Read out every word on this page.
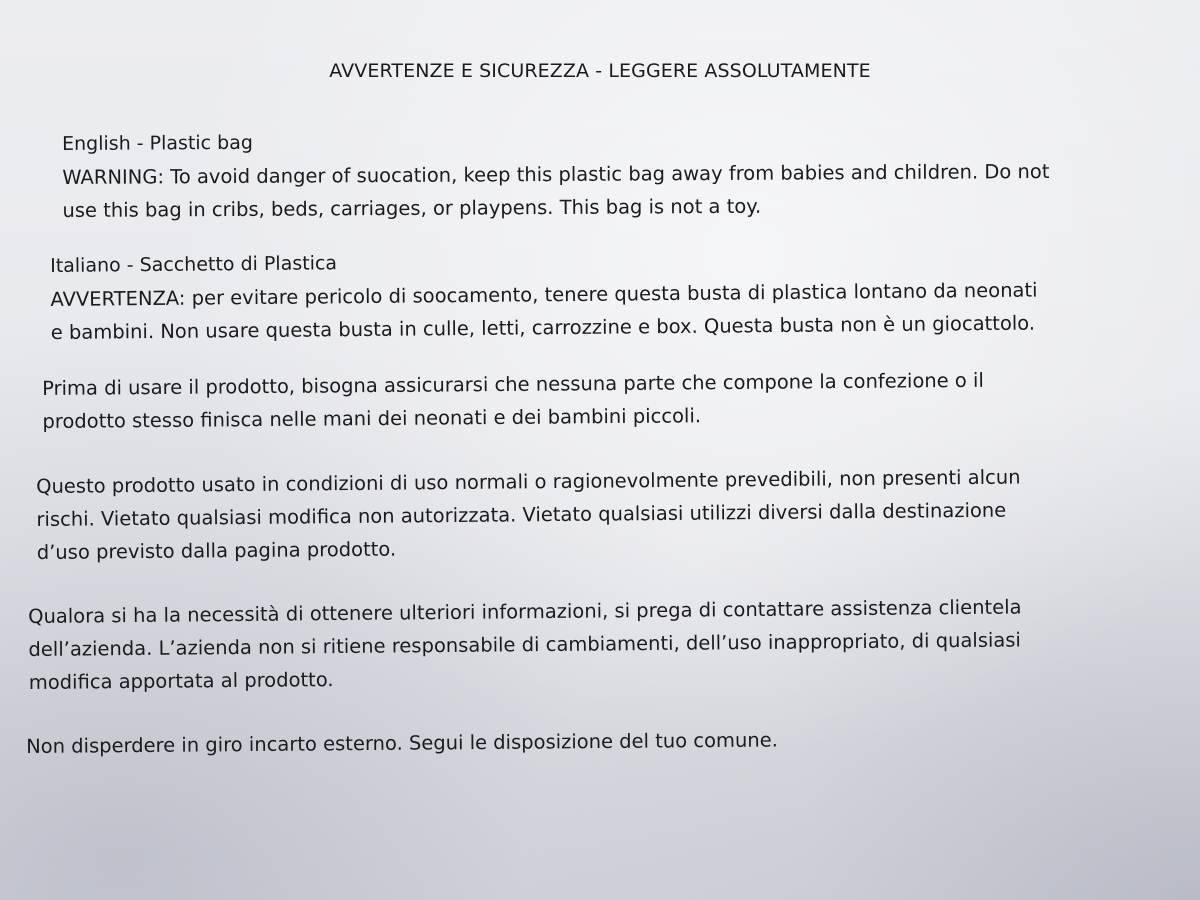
AVVERTENZE E SICUREZZA - LEGGERE ASSOLUTAMENTE
English - Plastic bag
WARNING: To avoid danger of suocation, keep this plastic bag away from babies and children. Do not
use this bag in cribs, beds, carriages, or playpens. This bag is not a toy.
Italiano - Sacchetto di Plastica
AVVERTENZA: per evitare pericolo di soocamento, tenere questa busta di plastica lontano da neonati
e bambini. Non usare questa busta in culle, letti, carrozzine e box. Questa busta non è un giocattolo.
Prima di usare il prodotto, bisogna assicurarsi che nessuna parte che compone la confezione o il
prodotto stesso finisca nelle mani dei neonati e dei bambini piccoli.
Questo prodotto usato in condizioni di uso normali o ragionevolmente prevedibili, non presenti alcun
rischi. Vietato qualsiasi modifica non autorizzata. Vietato qualsiasi utilizzi diversi dalla destinazione
d’uso previsto dalla pagina prodotto.
Qualora si ha la necessità di ottenere ulteriori informazioni, si prega di contattare assistenza clientela
dell’azienda. L’azienda non si ritiene responsabile di cambiamenti, dell’uso inappropriato, di qualsiasi
modifica apportata al prodotto.
Non disperdere in giro incarto esterno. Segui le disposizione del tuo comune.
